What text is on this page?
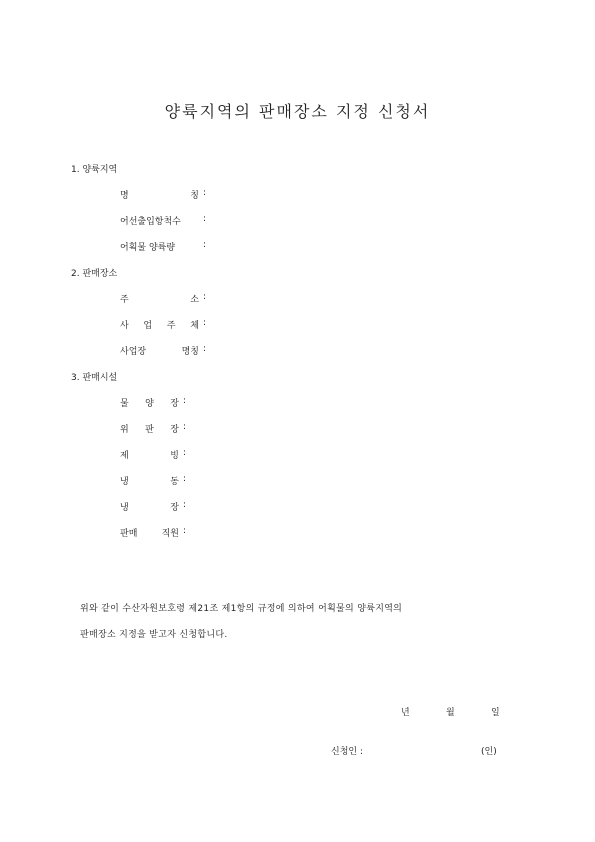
양륙지역의 판매장소 지정 신청서
1. 양륙지역
명	칭 :
어선출입항척수	:
어획물 양륙량	:
2. 판매장소
주	소 :
사 업 주 체 :
사업장	명칭 :
3. 판매시설
물 양 장 :
위 판 장 :
제	빙 :
냉	동 :
냉	장 :
판매	직원 :
위와 같이 수산자원보호령 제21조 제1항의 규정에 의하여 어획물의 양륙지역의
판매장소 지정을 받고자 신청합니다.
년	월	일
신청인 :	(인)
